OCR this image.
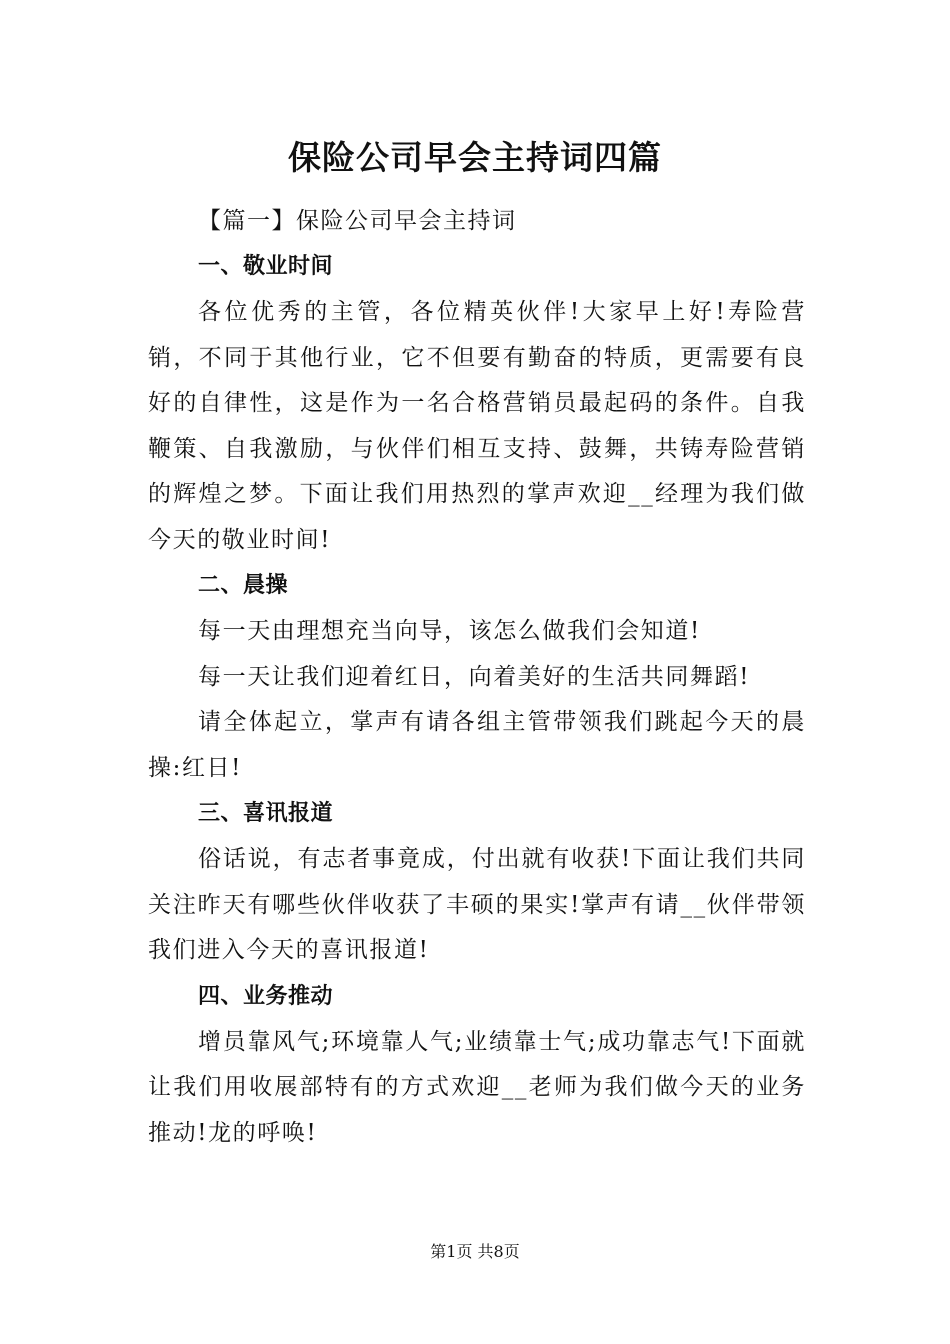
保险公司早会主持词四篇

【篇一】保险公司早会主持词

一、敬业时间

各位优秀的主管，各位精英伙伴!大家早上好!寿险营销，不同于其他行业，它不但要有勤奋的特质，更需要有良好的自律性，这是作为一名合格营销员最起码的条件。自我鞭策、自我激励，与伙伴们相互支持、鼓舞，共铸寿险营销的辉煌之梦。下面让我们用热烈的掌声欢迎__经理为我们做今天的敬业时间!

二、晨操

每一天由理想充当向导，该怎么做我们会知道!

每一天让我们迎着红日，向着美好的生活共同舞蹈!

请全体起立，掌声有请各组主管带领我们跳起今天的晨操:红日!

三、喜讯报道

俗话说，有志者事竟成，付出就有收获!下面让我们共同关注昨天有哪些伙伴收获了丰硕的果实!掌声有请__伙伴带领我们进入今天的喜讯报道!

四、业务推动

增员靠风气;环境靠人气;业绩靠士气;成功靠志气!下面就让我们用收展部特有的方式欢迎__老师为我们做今天的业务推动!龙的呼唤!

第1页 共8页
